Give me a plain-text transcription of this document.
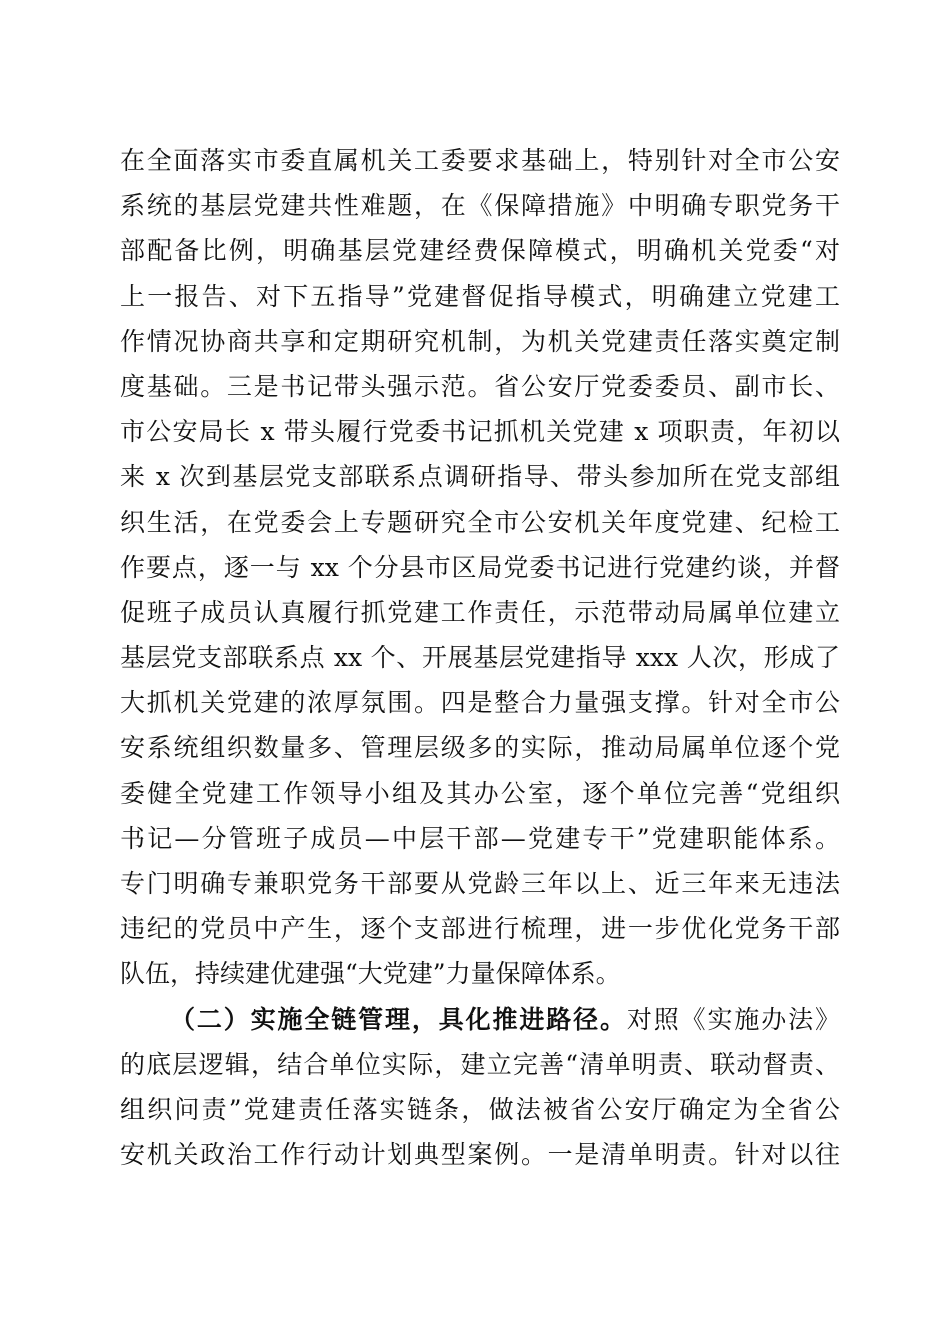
在全面落实市委直属机关工委要求基础上，特别针对全市公安
系统的基层党建共性难题，在《保障措施》中明确专职党务干
部配备比例，明确基层党建经费保障模式，明确机关党委“对
上一报告、对下五指导”党建督促指导模式，明确建立党建工
作情况协商共享和定期研究机制，为机关党建责任落实奠定制
度基础。三是书记带头强示范。省公安厅党委委员、副市长、
市公安局长 x 带头履行党委书记抓机关党建 x 项职责，年初以
来 x 次到基层党支部联系点调研指导、带头参加所在党支部组
织生活，在党委会上专题研究全市公安机关年度党建、纪检工
作要点，逐一与 xx 个分县市区局党委书记进行党建约谈，并督
促班子成员认真履行抓党建工作责任，示范带动局属单位建立
基层党支部联系点 xx 个、开展基层党建指导 xxx 人次，形成了
大抓机关党建的浓厚氛围。四是整合力量强支撑。针对全市公
安系统组织数量多、管理层级多的实际，推动局属单位逐个党
委健全党建工作领导小组及其办公室，逐个单位完善“党组织
书记—分管班子成员—中层干部—党建专干”党建职能体系。
专门明确专兼职党务干部要从党龄三年以上、近三年来无违法
违纪的党员中产生，逐个支部进行梳理，进一步优化党务干部
队伍，持续建优建强“大党建”力量保障体系。
（二）实施全链管理，具化推进路径。对照《实施办法》
的底层逻辑，结合单位实际，建立完善“清单明责、联动督责、
组织问责”党建责任落实链条，做法被省公安厅确定为全省公
安机关政治工作行动计划典型案例。一是清单明责。针对以往
